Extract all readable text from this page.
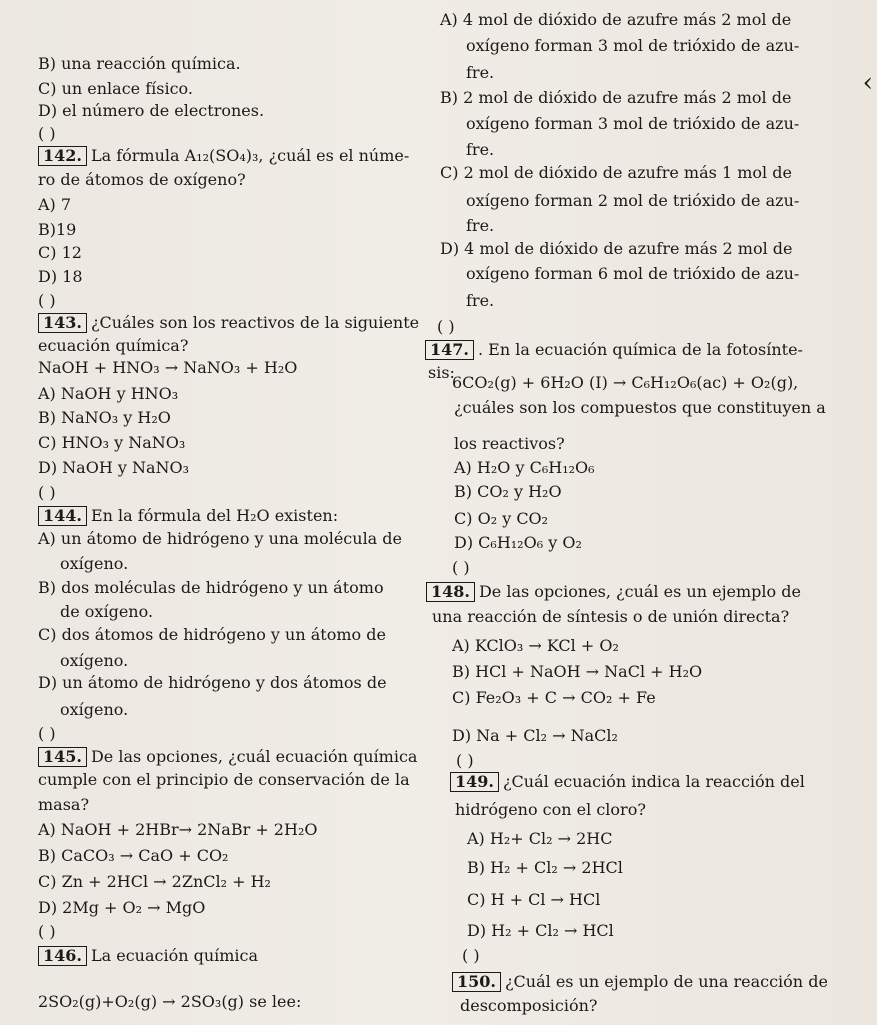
B) una reacción química.
C) un enlace físico.
D) el número de electrones.
( )
142. La fórmula A₁₂(SO₄)₃, ¿cuál es el núme-
ro de átomos de oxígeno?
A) 7
B)19
C) 12
D) 18
( )
143. ¿Cuáles son los reactivos de la siguiente
ecuación química?
NaOH + HNO₃ → NaNO₃ + H₂O
A) NaOH y HNO₃
B) NaNO₃ y H₂O
C) HNO₃ y NaNO₃
D) NaOH y NaNO₃
( )
144. En la fórmula del H₂O existen:
A) un átomo de hidrógeno y una molécula de
oxígeno.
B) dos moléculas de hidrógeno y un átomo
de oxígeno.
C) dos átomos de hidrógeno y un átomo de
oxígeno.
D) un átomo de hidrógeno y dos átomos de
oxígeno.
( )
145. De las opciones, ¿cuál ecuación química
cumple con el principio de conservación de la
masa?
A) NaOH + 2HBr→ 2NaBr + 2H₂O
B) CaCO₃ → CaO + CO₂
C) Zn + 2HCl → 2ZnCl₂ + H₂
D) 2Mg + O₂ → MgO
( )
146. La ecuación química
2SO₂(g)+O₂(g) → 2SO₃(g) se lee:
A) 4 mol de dióxido de azufre más 2 mol de
oxígeno forman 3 mol de trióxido de azu-
fre.
B) 2 mol de dióxido de azufre más 2 mol de
oxígeno forman 3 mol de trióxido de azu-
fre.
C) 2 mol de dióxido de azufre más 1 mol de
oxígeno forman 2 mol de trióxido de azu-
fre.
D) 4 mol de dióxido de azufre más 2 mol de
oxígeno forman 6 mol de trióxido de azu-
fre.
( )
147. . En la ecuación química de la fotosínte-
sis:
6CO₂(g) + 6H₂O (I) → C₆H₁₂O₆(ac) + O₂(g),
¿cuáles son los compuestos que constituyen a
los reactivos?
A) H₂O y C₆H₁₂O₆
B) CO₂ y H₂O
C) O₂ y CO₂
D) C₆H₁₂O₆ y O₂
( )
148. De las opciones, ¿cuál es un ejemplo de
una reacción de síntesis o de unión directa?
A) KClO₃ → KCl + O₂
B) HCl + NaOH → NaCl + H₂O
C) Fe₂O₃ + C → CO₂ + Fe
D) Na + Cl₂ → NaCl₂
( )
149. ¿Cuál ecuación indica la reacción del
hidrógeno con el cloro?
A) H₂+ Cl₂ → 2HC
B) H₂ + Cl₂ → 2HCl
C) H + Cl → HCl
D) H₂ + Cl₂ → HCl
( )
150. ¿Cuál es un ejemplo de una reacción de
descomposición?
‹
